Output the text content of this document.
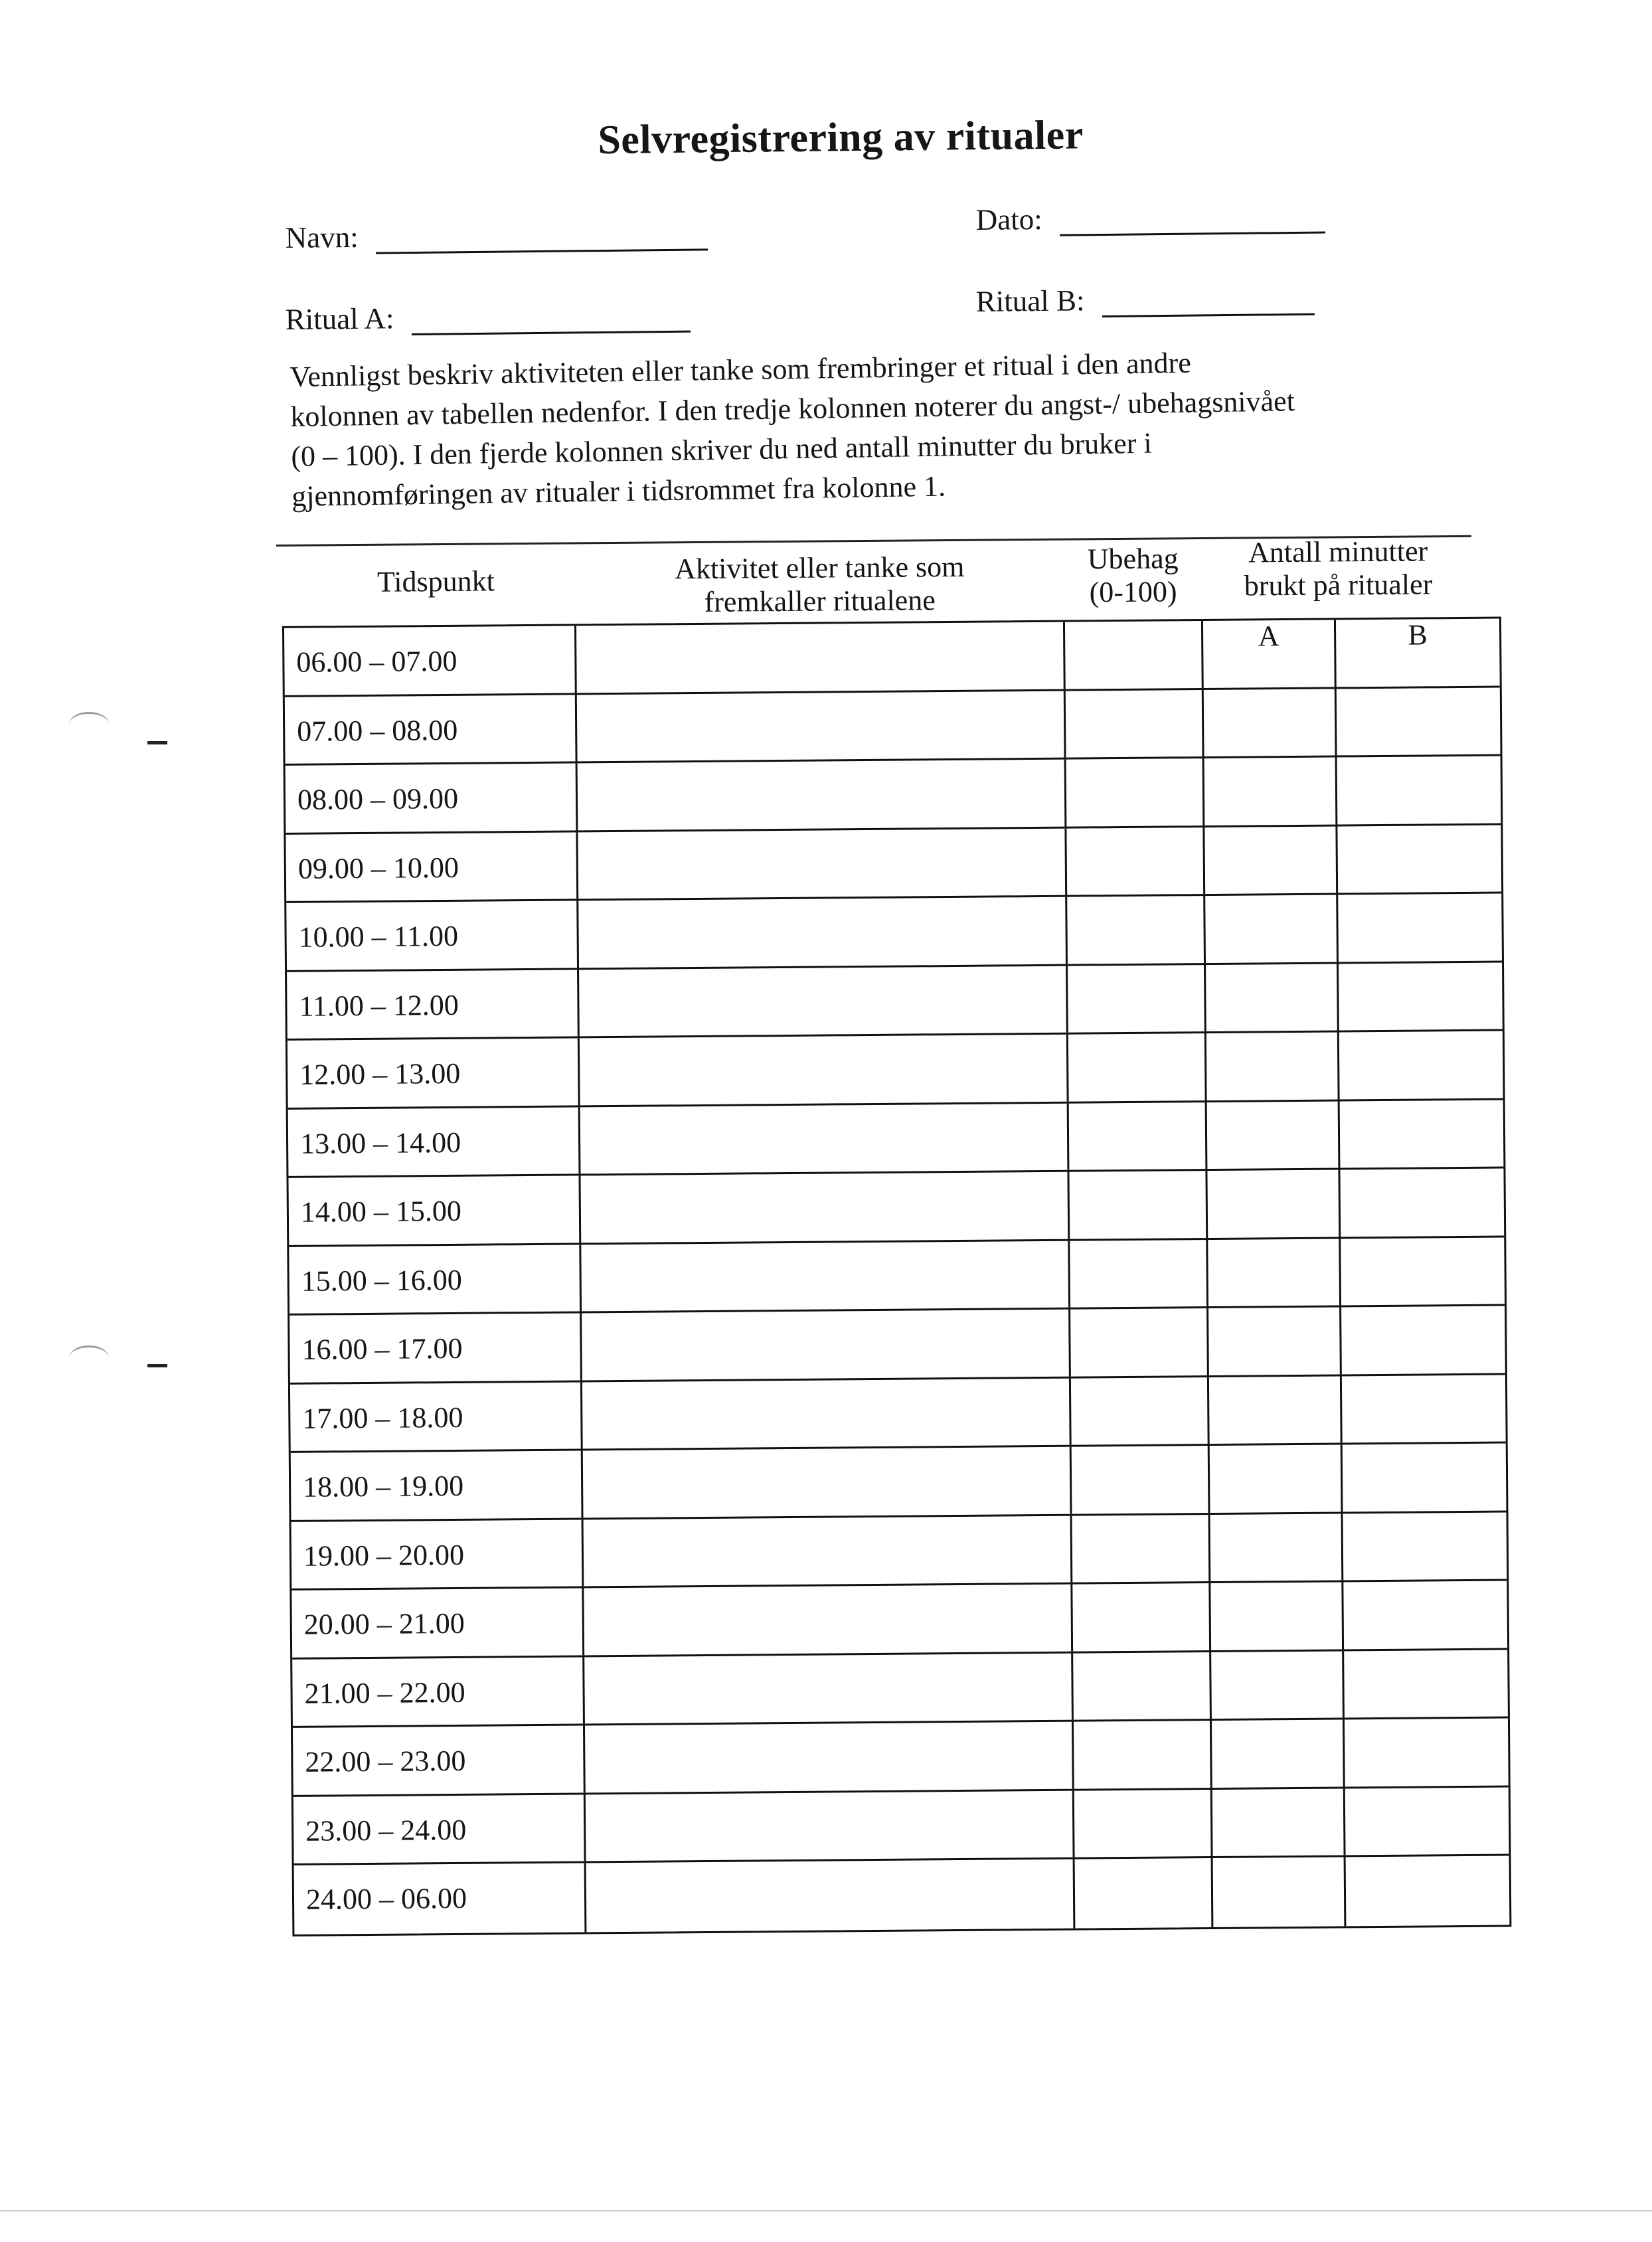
Selvregistrering av ritualer
Navn:
Dato:
Ritual A:
Ritual B:

Vennligst beskriv aktiviteten eller tanke som frembringer et ritual i den andre

kolonnen av tabellen nedenfor. I den tredje kolonnen noterer du angst-/ ubehagsnivået

(0 – 100). I den fjerde kolonnen skriver du ned antall minutter du bruker i

gjennomføringen av ritualer i tidsrommet fra kolonne 1.

Tidspunkt	Aktivitet eller tanke som
fremkaller ritualene
Ubehag
(0-100)
Antall minutter
brukt på ritualer
06.00 – 07.00
A	B
07.00 – 08.00
08.00 – 09.00
09.00 – 10.00
10.00 – 11.00
11.00 – 12.00
12.00 – 13.00
13.00 – 14.00
14.00 – 15.00
15.00 – 16.00
16.00 – 17.00
17.00 – 18.00
18.00 – 19.00
19.00 – 20.00
20.00 – 21.00
21.00 – 22.00
22.00 – 23.00
23.00 – 24.00
24.00 – 06.00
